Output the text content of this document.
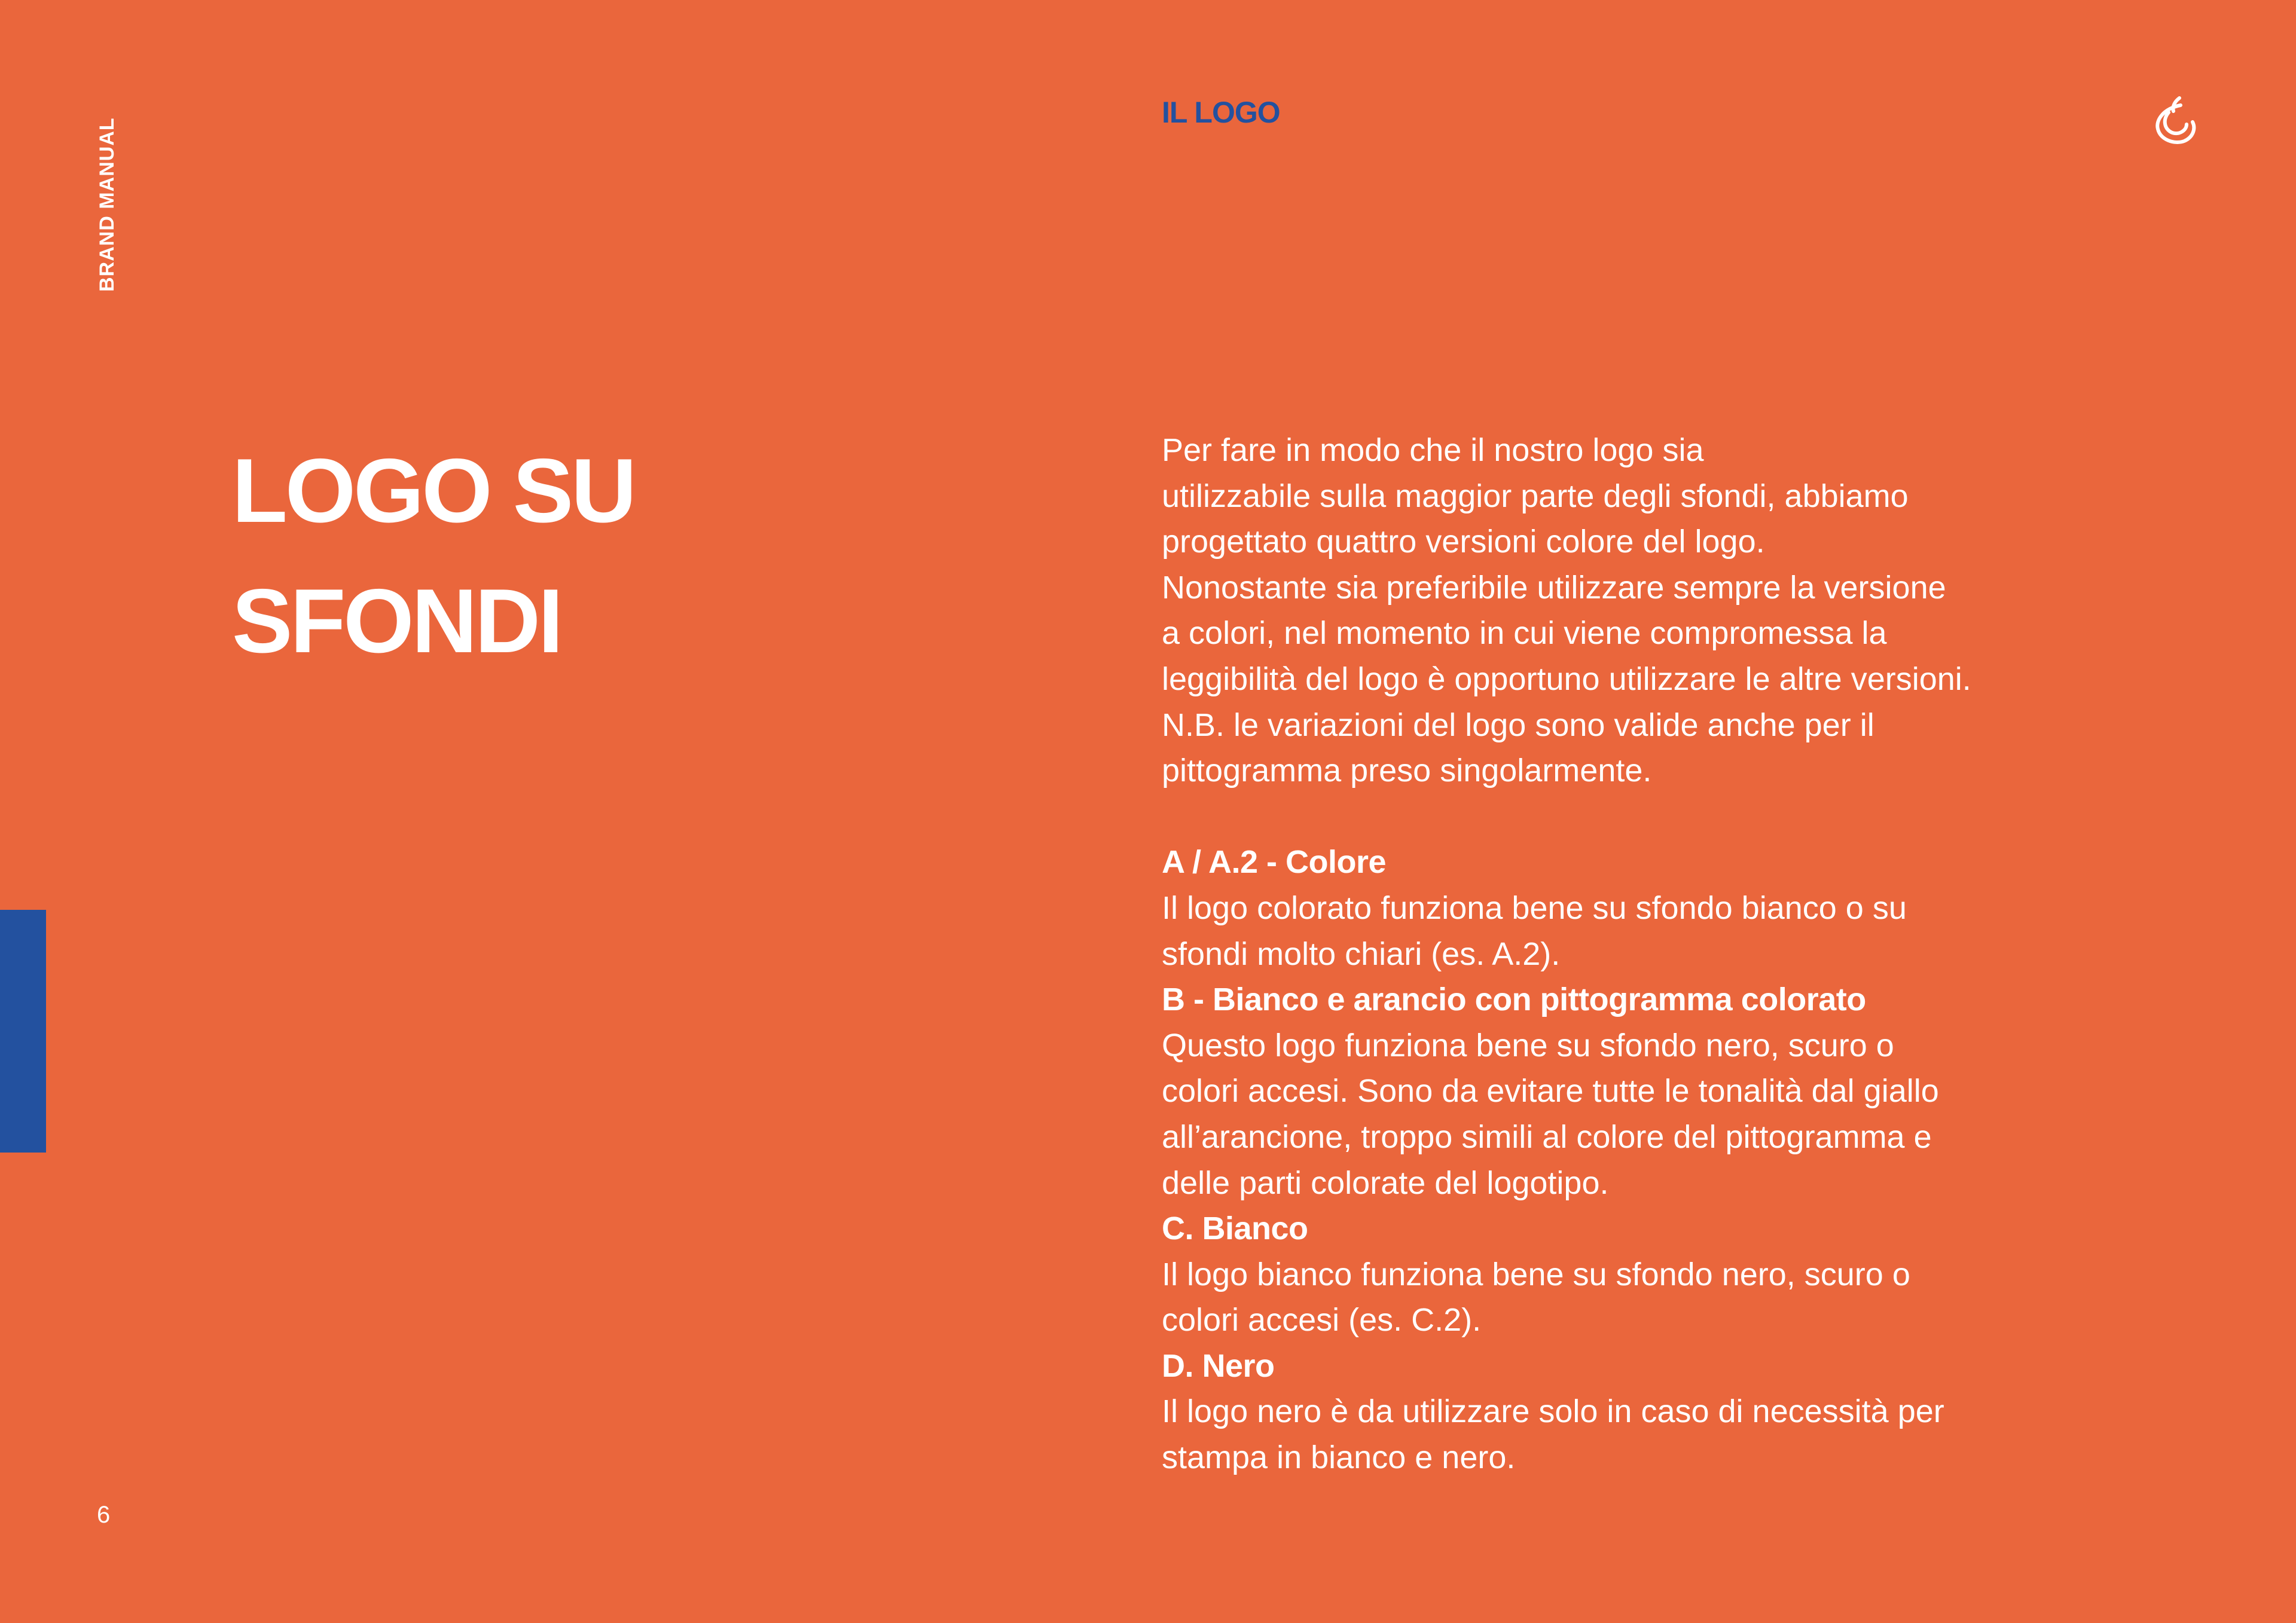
BRAND MANUAL
6
IL LOGO
LOGO SU
SFONDI

Per fare in modo che il nostro logo sia
utilizzabile sulla maggior parte degli sfondi, abbiamo
progettato quattro versioni colore del logo.
Nonostante sia preferibile utilizzare sempre la versione
a colori, nel momento in cui viene compromessa la
leggibilità del logo è opportuno utilizzare le altre versioni.
N.B. le variazioni del logo sono valide anche per il
pittogramma preso singolarmente.

A / A.2 - Colore

Il logo colorato funziona bene su sfondo bianco o su
sfondi molto chiari (es. A.2).

B - Bianco e arancio con pittogramma colorato

Questo logo funziona bene su sfondo nero, scuro o
colori accesi. Sono da evitare tutte le tonalità dal giallo
all’arancione, troppo simili al colore del pittogramma e
delle parti colorate del logotipo.

C. Bianco

Il logo bianco funziona bene su sfondo nero, scuro o
colori accesi (es. C.2).

D. Nero

Il logo nero è da utilizzare solo in caso di necessità per
stampa in bianco e nero.
